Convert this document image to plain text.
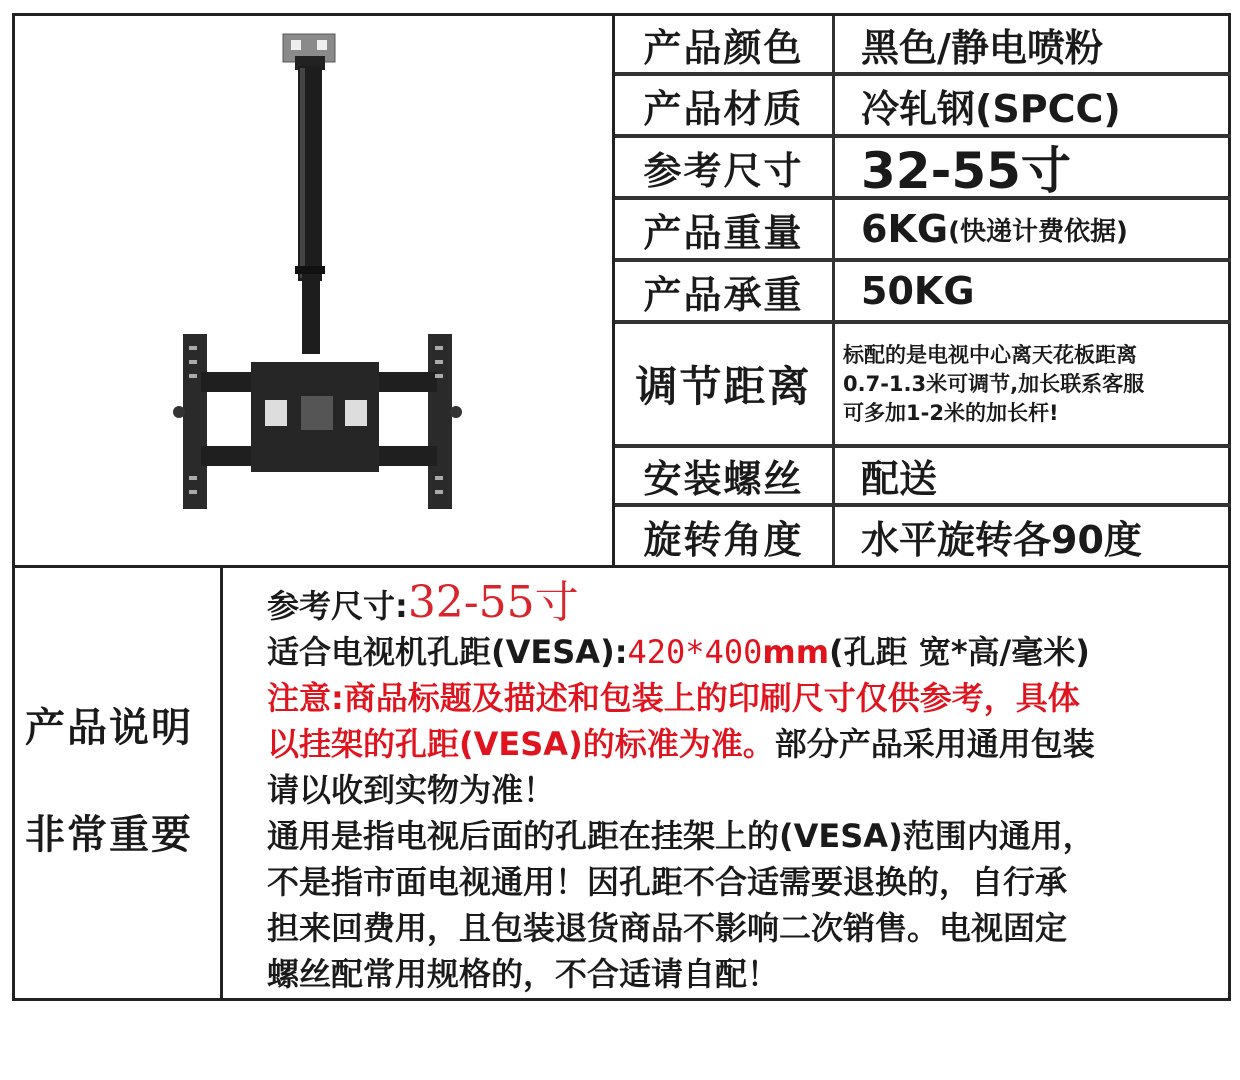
产品颜色	黑色/静电喷粉
产品材质	冷轧钢(SPCC)
参考尺寸	32-55寸
产品重量	6KG (快递计费依据)
产品承重	50KG
调节距离
标配的是电视中心离天花板距离
0.7-1.3米可调节,加长联系客服
可多加1-2米的加长杆!
安装螺丝	配送
旋转角度	水平旋转各90度
产品说明
非常重要
参考尺寸:32-55寸
适合电视机孔距(VESA):420*400mm(孔距 宽*高/毫米)
注意:商品标题及描述和包装上的印刷尺寸仅供参考，具体
以挂架的孔距(VESA)的标准为准。部分产品采用通用包装
请以收到实物为准！
通用是指电视后面的孔距在挂架上的(VESA)范围内通用，
不是指市面电视通用！因孔距不合适需要退换的，自行承
担来回费用，且包装退货商品不影响二次销售。电视固定
螺丝配常用规格的，不合适请自配！
